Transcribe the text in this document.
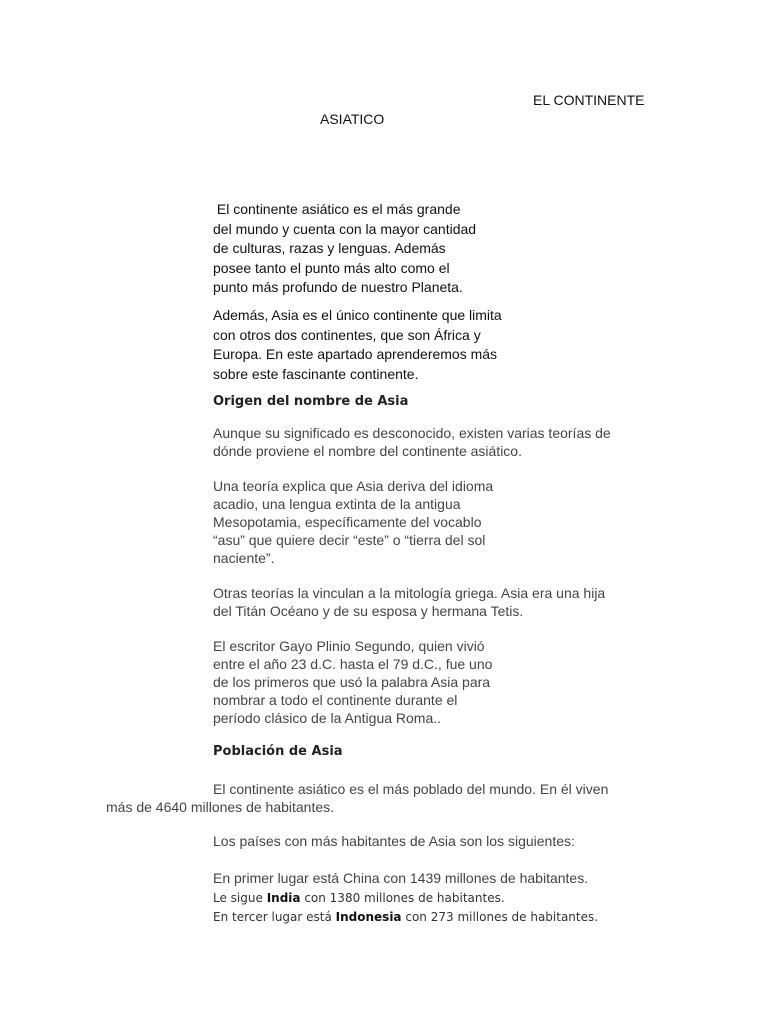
EL CONTINENTE
ASIATICO
El continente asiático es el más grande
del mundo y cuenta con la mayor cantidad
de culturas, razas y lenguas. Además
posee tanto el punto más alto como el
punto más profundo de nuestro Planeta.
Además, Asia es el único continente que limita
con otros dos continentes, que son África y
Europa. En este apartado aprenderemos más
sobre este fascinante continente.
Origen del nombre de Asia
Aunque su significado es desconocido, existen varias teorías de
dónde proviene el nombre del continente asiático.
Una teoría explica que Asia deriva del idioma
acadio, una lengua extinta de la antigua
Mesopotamia, específicamente del vocablo
“asu” que quiere decir “este” o “tierra del sol
naciente”.
Otras teorías la vinculan a la mitología griega. Asia era una hija
del Titán Océano y de su esposa y hermana Tetis.
El escritor Gayo Plinio Segundo, quien vivió
entre el año 23 d.C. hasta el 79 d.C., fue uno
de los primeros que usó la palabra Asia para
nombrar a todo el continente durante el
período clásico de la Antigua Roma..
Población de Asia
El continente asiático es el más poblado del mundo. En él viven
más de 4640 millones de habitantes.
Los países con más habitantes de Asia son los siguientes:
En primer lugar está China con 1439 millones de habitantes.
Le sigue India con 1380 millones de habitantes.
En tercer lugar está Indonesia con 273 millones de habitantes.
